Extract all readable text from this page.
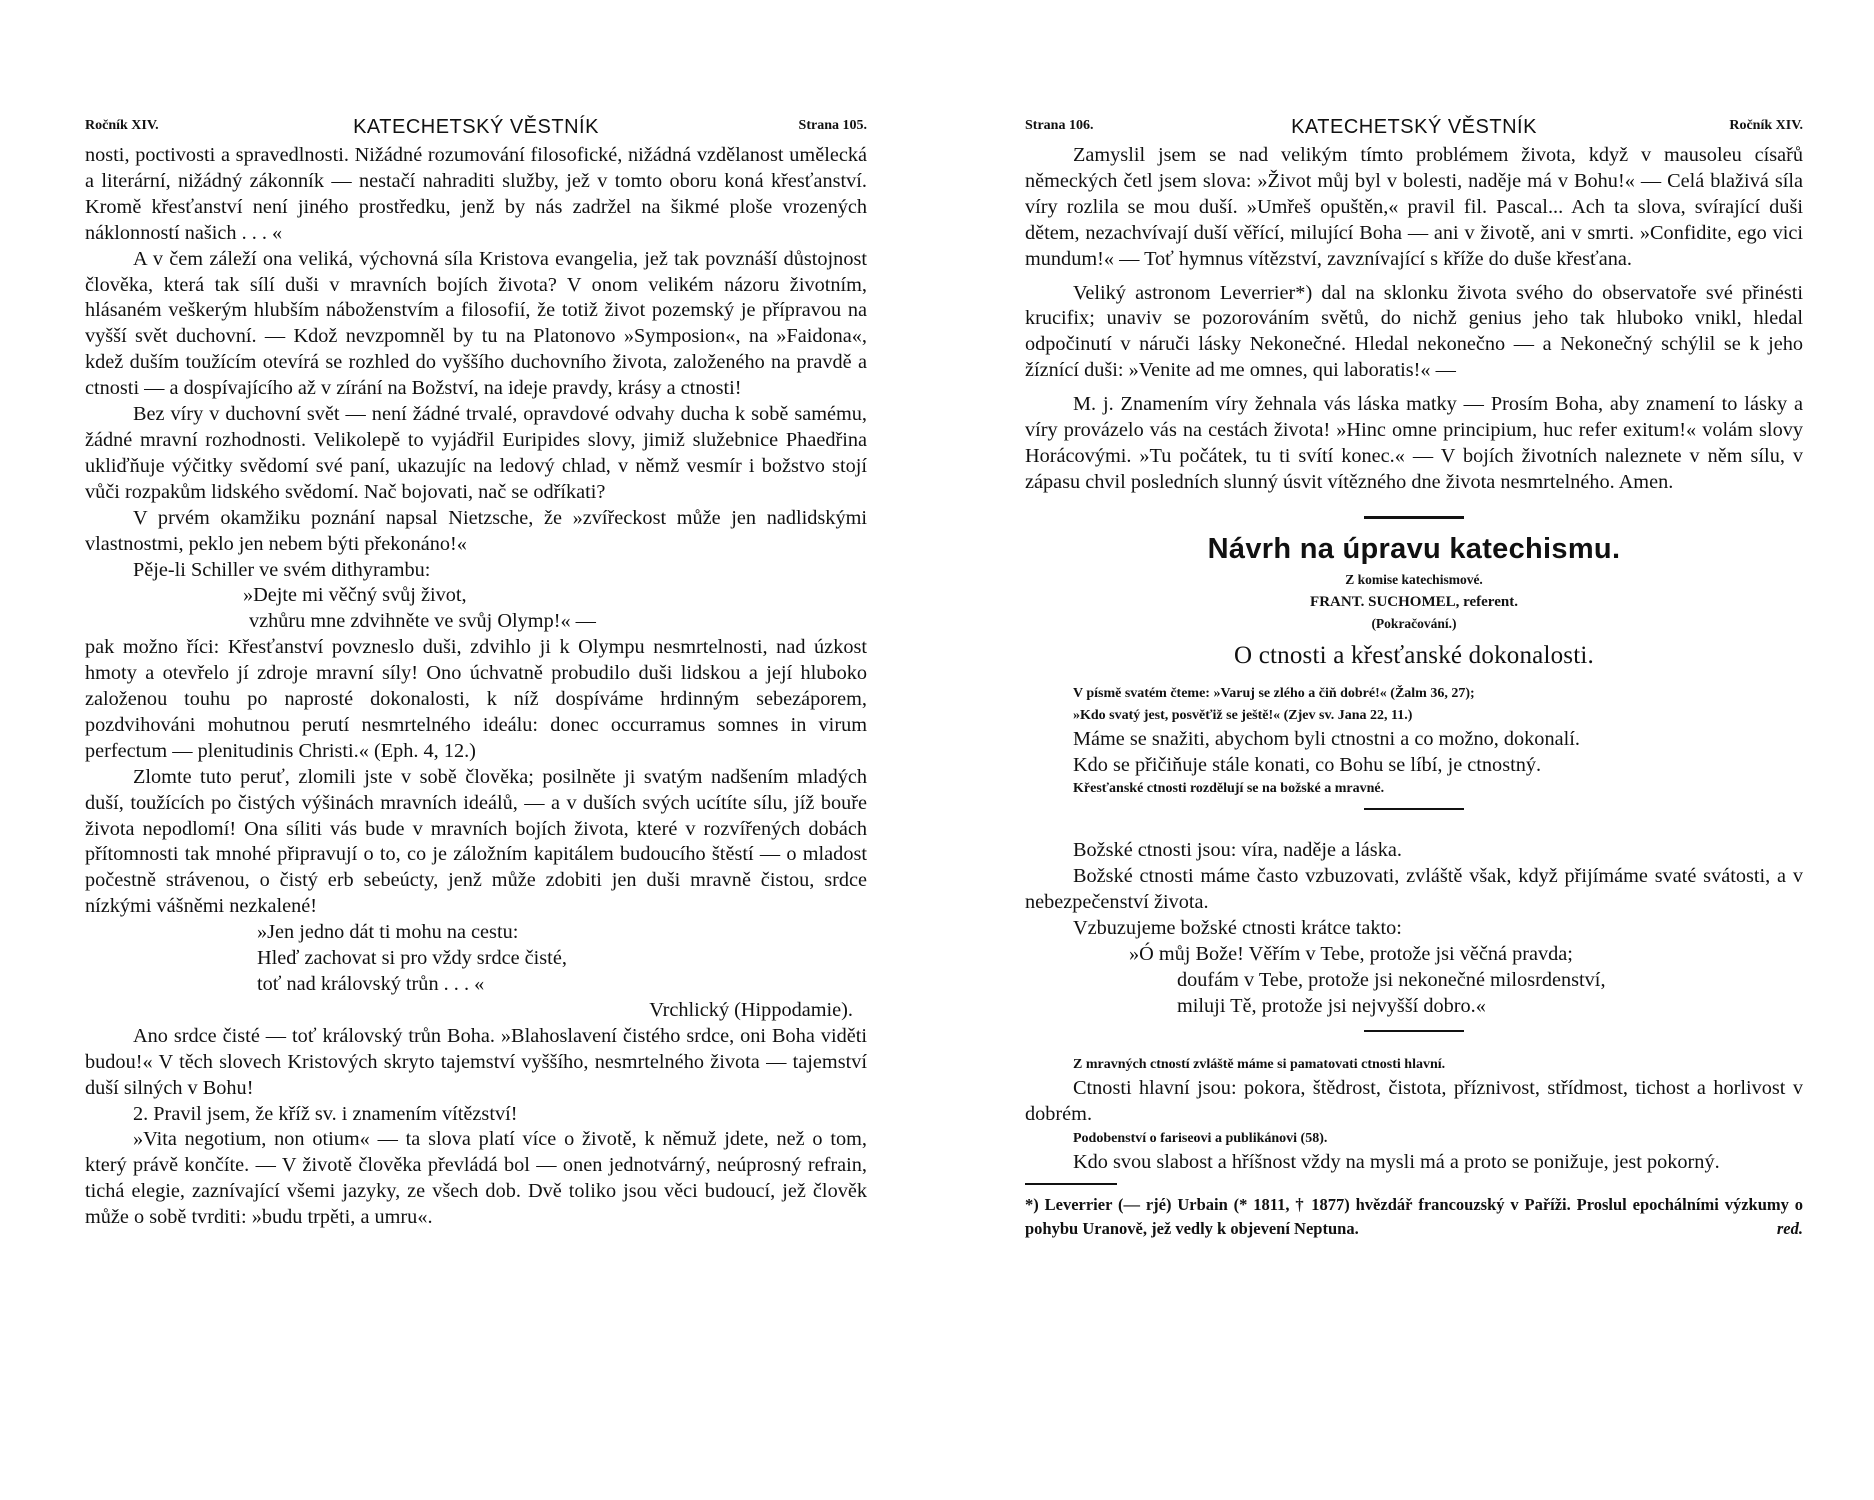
Ročník XIV.	KATECHETSKÝ VĚSTNÍK	Strana 105.

nosti, poctivosti a spravedlnosti. Nižádné rozumování filosofické, nižádná vzdělanost umělecká a literární, nižádný zákonník — nestačí nahraditi služby, jež v tomto oboru koná křesťanství. Kromě křesťanství není jiného prostředku, jenž by nás zadržel na šikmé ploše vrozených náklonností našich . . . «

A v čem záleží ona veliká, výchovná síla Kristova evangelia, jež tak povznáší důstojnost člověka, která tak sílí duši v mravních bojích života? V onom velikém názoru životním, hlásaném veškerým hlubším náboženstvím a filosofií, že totiž život pozemský je přípravou na vyšší svět duchovní. — Kdož nevzpomněl by tu na Platonovo »Symposion«, na »Faidona«, kdež duším toužícím otevírá se rozhled do vyššího duchovního života, založeného na pravdě a ctnosti — a dospívajícího až v zírání na Božství, na ideje pravdy, krásy a ctnosti!

Bez víry v duchovní svět — není žádné trvalé, opravdové odvahy ducha k sobě samému, žádné mravní rozhodnosti. Velikolepě to vyjádřil Euripides slovy, jimiž služebnice Phaedřina ukliďňuje výčitky svědomí své paní, ukazujíc na ledový chlad, v němž vesmír i božstvo stojí vůči rozpakům lidského svědomí. Nač bojovati, nač se odříkati?

V prvém okamžiku poznání napsal Nietzsche, že »zvířeckost může jen nadlidskými vlastnostmi, peklo jen nebem býti překonáno!«

Pěje-li Schiller ve svém dithyrambu:

»Dejte mi věčný svůj život,

vzhůru mne zdvihněte ve svůj Olymp!« —

pak možno říci: Křesťanství povzneslo duši, zdvihlo ji k Olympu nesmrtelnosti, nad úzkost hmoty a otevřelo jí zdroje mravní síly! Ono úchvatně probudilo duši lidskou a její hluboko založenou touhu po naprosté dokonalosti, k níž dospíváme hrdinným sebezáporem, pozdvihováni mohutnou perutí nesmrtelného ideálu: donec occurramus somnes in virum perfectum — plenitudinis Christi.« (Eph. 4, 12.)

Zlomte tuto peruť, zlomili jste v sobě člověka; posilněte ji svatým nadšením mladých duší, toužících po čistých výšinách mravních ideálů, — a v duších svých ucítíte sílu, jíž bouře života nepodlomí! Ona síliti vás bude v mravních bojích života, které v rozvířených dobách přítomnosti tak mnohé připravují o to, co je záložním kapitálem budoucího štěstí — o mladost počestně strávenou, o čistý erb sebeúcty, jenž může zdobiti jen duši mravně čistou, srdce nízkými vášněmi nezkalené!

»Jen jedno dát ti mohu na cestu:

Hleď zachovat si pro vždy srdce čisté,

toť nad královský trůn . . . «

Vrchlický (Hippodamie).

Ano srdce čisté — toť královský trůn Boha. »Blahoslavení čistého srdce, oni Boha viděti budou!« V těch slovech Kristových skryto tajemství vyššího, nesmrtelného života — tajemství duší silných v Bohu!

2. Pravil jsem, že kříž sv. i znamením vítězství!

»Vita negotium, non otium« — ta slova platí více o životě, k němuž jdete, než o tom, který právě končíte. — V životě člověka převládá bol — onen jednotvárný, neúprosný refrain, tichá elegie, zaznívající všemi jazyky, ze všech dob. Dvě toliko jsou věci budoucí, jež člověk může o sobě tvrditi: »budu trpěti, a umru«.

Strana 106.	KATECHETSKÝ VĚSTNÍK	Ročník XIV.

Zamyslil jsem se nad velikým tímto problémem života, když v mausoleu císařů německých četl jsem slova: »Život můj byl v bolesti, naděje má v Bohu!« — Celá blaživá síla víry rozlila se mou duší. »Umřeš opuštěn,« pravil fil. Pascal... Ach ta slova, svírající duši dětem, nezachvívají duší věřící, milující Boha — ani v životě, ani v smrti. »Confidite, ego vici mundum!« — Toť hymnus vítězství, zavznívající s kříže do duše křesťana.

Veliký astronom Leverrier*) dal na sklonku života svého do observatoře své přinésti krucifix; unaviv se pozorováním světů, do nichž genius jeho tak hluboko vnikl, hledal odpočinutí v náruči lásky Nekonečné. Hledal nekonečno — a Nekonečný schýlil se k jeho žíznící duši: »Venite ad me omnes, qui laboratis!« —

M. j. Znamením víry žehnala vás láska matky — Prosím Boha, aby znamení to lásky a víry provázelo vás na cestách života! »Hinc omne principium, huc refer exitum!« volám slovy Horácovými. »Tu počátek, tu ti svítí konec.« — V bojích životních naleznete v něm sílu, v zápasu chvil posledních slunný úsvit vítězného dne života nesmrtelného. Amen.

Návrh na úpravu katechismu.

Z komise katechismové.

FRANT. SUCHOMEL, referent.

(Pokračování.)

O ctnosti a křesťanské dokonalosti.

V písmě svatém čteme: »Varuj se zlého a čiň dobré!« (Žalm 36, 27);

»Kdo svatý jest, posvěťiž se ještě!« (Zjev sv. Jana 22, 11.)

Máme se snažiti, abychom byli ctnostni a co možno, dokonalí.

Kdo se přičiňuje stále konati, co Bohu se líbí, je ctnostný.

Křesťanské ctnosti rozdělují se na božské a mravné.

Božské ctnosti jsou: víra, naděje a láska.

Božské ctnosti máme často vzbuzovati, zvláště však, když přijímáme svaté svátosti, a v nebezpečenství života.

Vzbuzujeme božské ctnosti krátce takto:

»Ó můj Bože! Věřím v Tebe, protože jsi věčná pravda;

doufám v Tebe, protože jsi nekonečné milosrdenství,

miluji Tě, protože jsi nejvyšší dobro.«

Z mravných ctností zvláště máme si pamatovati ctnosti hlavní.

Ctnosti hlavní jsou: pokora, štědrost, čistota, příznivost, střídmost, tichost a horlivost v dobrém.

Podobenství o fariseovi a publikánovi (58).

Kdo svou slabost a hříšnost vždy na mysli má a proto se ponižuje, jest pokorný.

*) Leverrier (— rjé) Urbain (* 1811, † 1877) hvězdář francouzský v Paříži. Proslul epochálními výzkumy o pohybu Uranově, jež vedly k objevení Neptuna.	red.
